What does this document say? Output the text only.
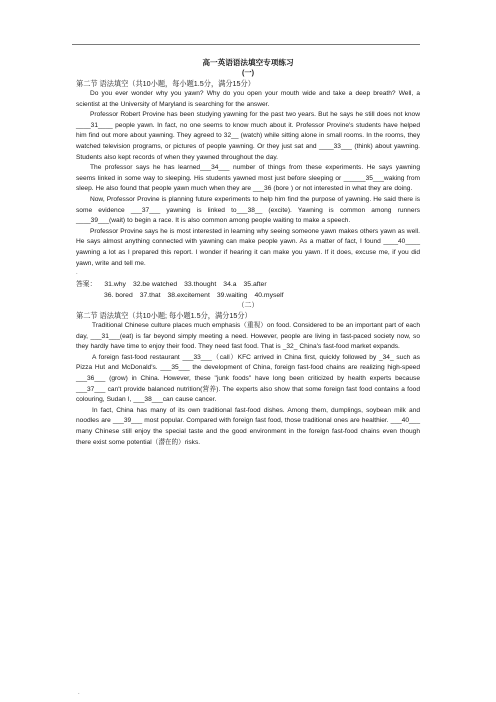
高一英语语法填空专项练习

(一)

第二节 语法填空（共10小题，每小题1.5分，满分15分）

Do you ever wonder why you yawn? Why do you open your mouth wide and take a deep breath? Well, a scientist at the University of Maryland is searching for the answer.

Professor Robert Provine has been studying yawning for the past two years. But he says he still does not know ____31____ people yawn. In fact, no one seems to know much about it. Professor Provine's students have helped him find out more about yawning. They agreed to 32__ (watch) while sitting alone in small rooms. In the rooms, they watched television programs, or pictures of people yawning. Or they just sat and ____33___ (think) about yawning. Students also kept records of when they yawned throughout the day.

The professor says he has learned___34___ number of things from these experiments. He says yawning seems linked in some way to sleeping. His students yawned most just before sleeping or ______35___waking from sleep. He also found that people yawn much when they are ___36 (bore ) or not interested in what they are doing.

Now, Professor Provine is planning future experiments to help him find the purpose of yawning. He said there is some evidence ___37___ yawning is linked to___38__ (excite). Yawning is common among runners ____39___(wait) to begin a race. It is also common among people waiting to make a speech.

Professor Provine says he is most interested in learning why seeing someone yawn makes others yawn as well. He says almost anything connected with yawning can make people yawn. As a matter of fact, I found ____40____ yawning a lot as I prepared this report. I wonder if hearing it can make you yawn. If it does, excuse me, if you did yawn, write and tell me.

.

答案： 31.why 32.be watched 33.thought 34.a 35.after

36. bored 37.that 38.excitement 39.waiting 40.myself

（二）

第二节 语法填空（共10小题; 每小题1.5分，满分15分）

Traditional Chinese culture places much emphasis（重视）on food. Considered to be an important part of each day, ___31___(eat) is far beyond simply meeting a need. However, people are living in fast-paced society now, so they hardly have time to enjoy their food. They need fast food. That is _32_ China's fast-food market expands.

A foreign fast-food restaurant ___33___（call）KFC arrived in China first, quickly followed by _34_ such as Pizza Hut and McDonald's. ___35___ the development of China, foreign fast-food chains are realizing high-speed ___36___ (grow) in China. However, these "junk foods" have long been criticized by health experts because ___37___ can't provide balanced nutrition(营养). The experts also show that some foreign fast food contains a food colouring, Sudan I, ___38___can cause cancer.

In fact, China has many of its own traditional fast-food dishes. Among them, dumplings, soybean milk and noodles are ___39___ most popular. Compared with foreign fast food, those traditional ones are healthier. ___40___ many Chinese still enjoy the special taste and the good environment in the foreign fast-food chains even though there exist some potential（潜在的）risks.

.
